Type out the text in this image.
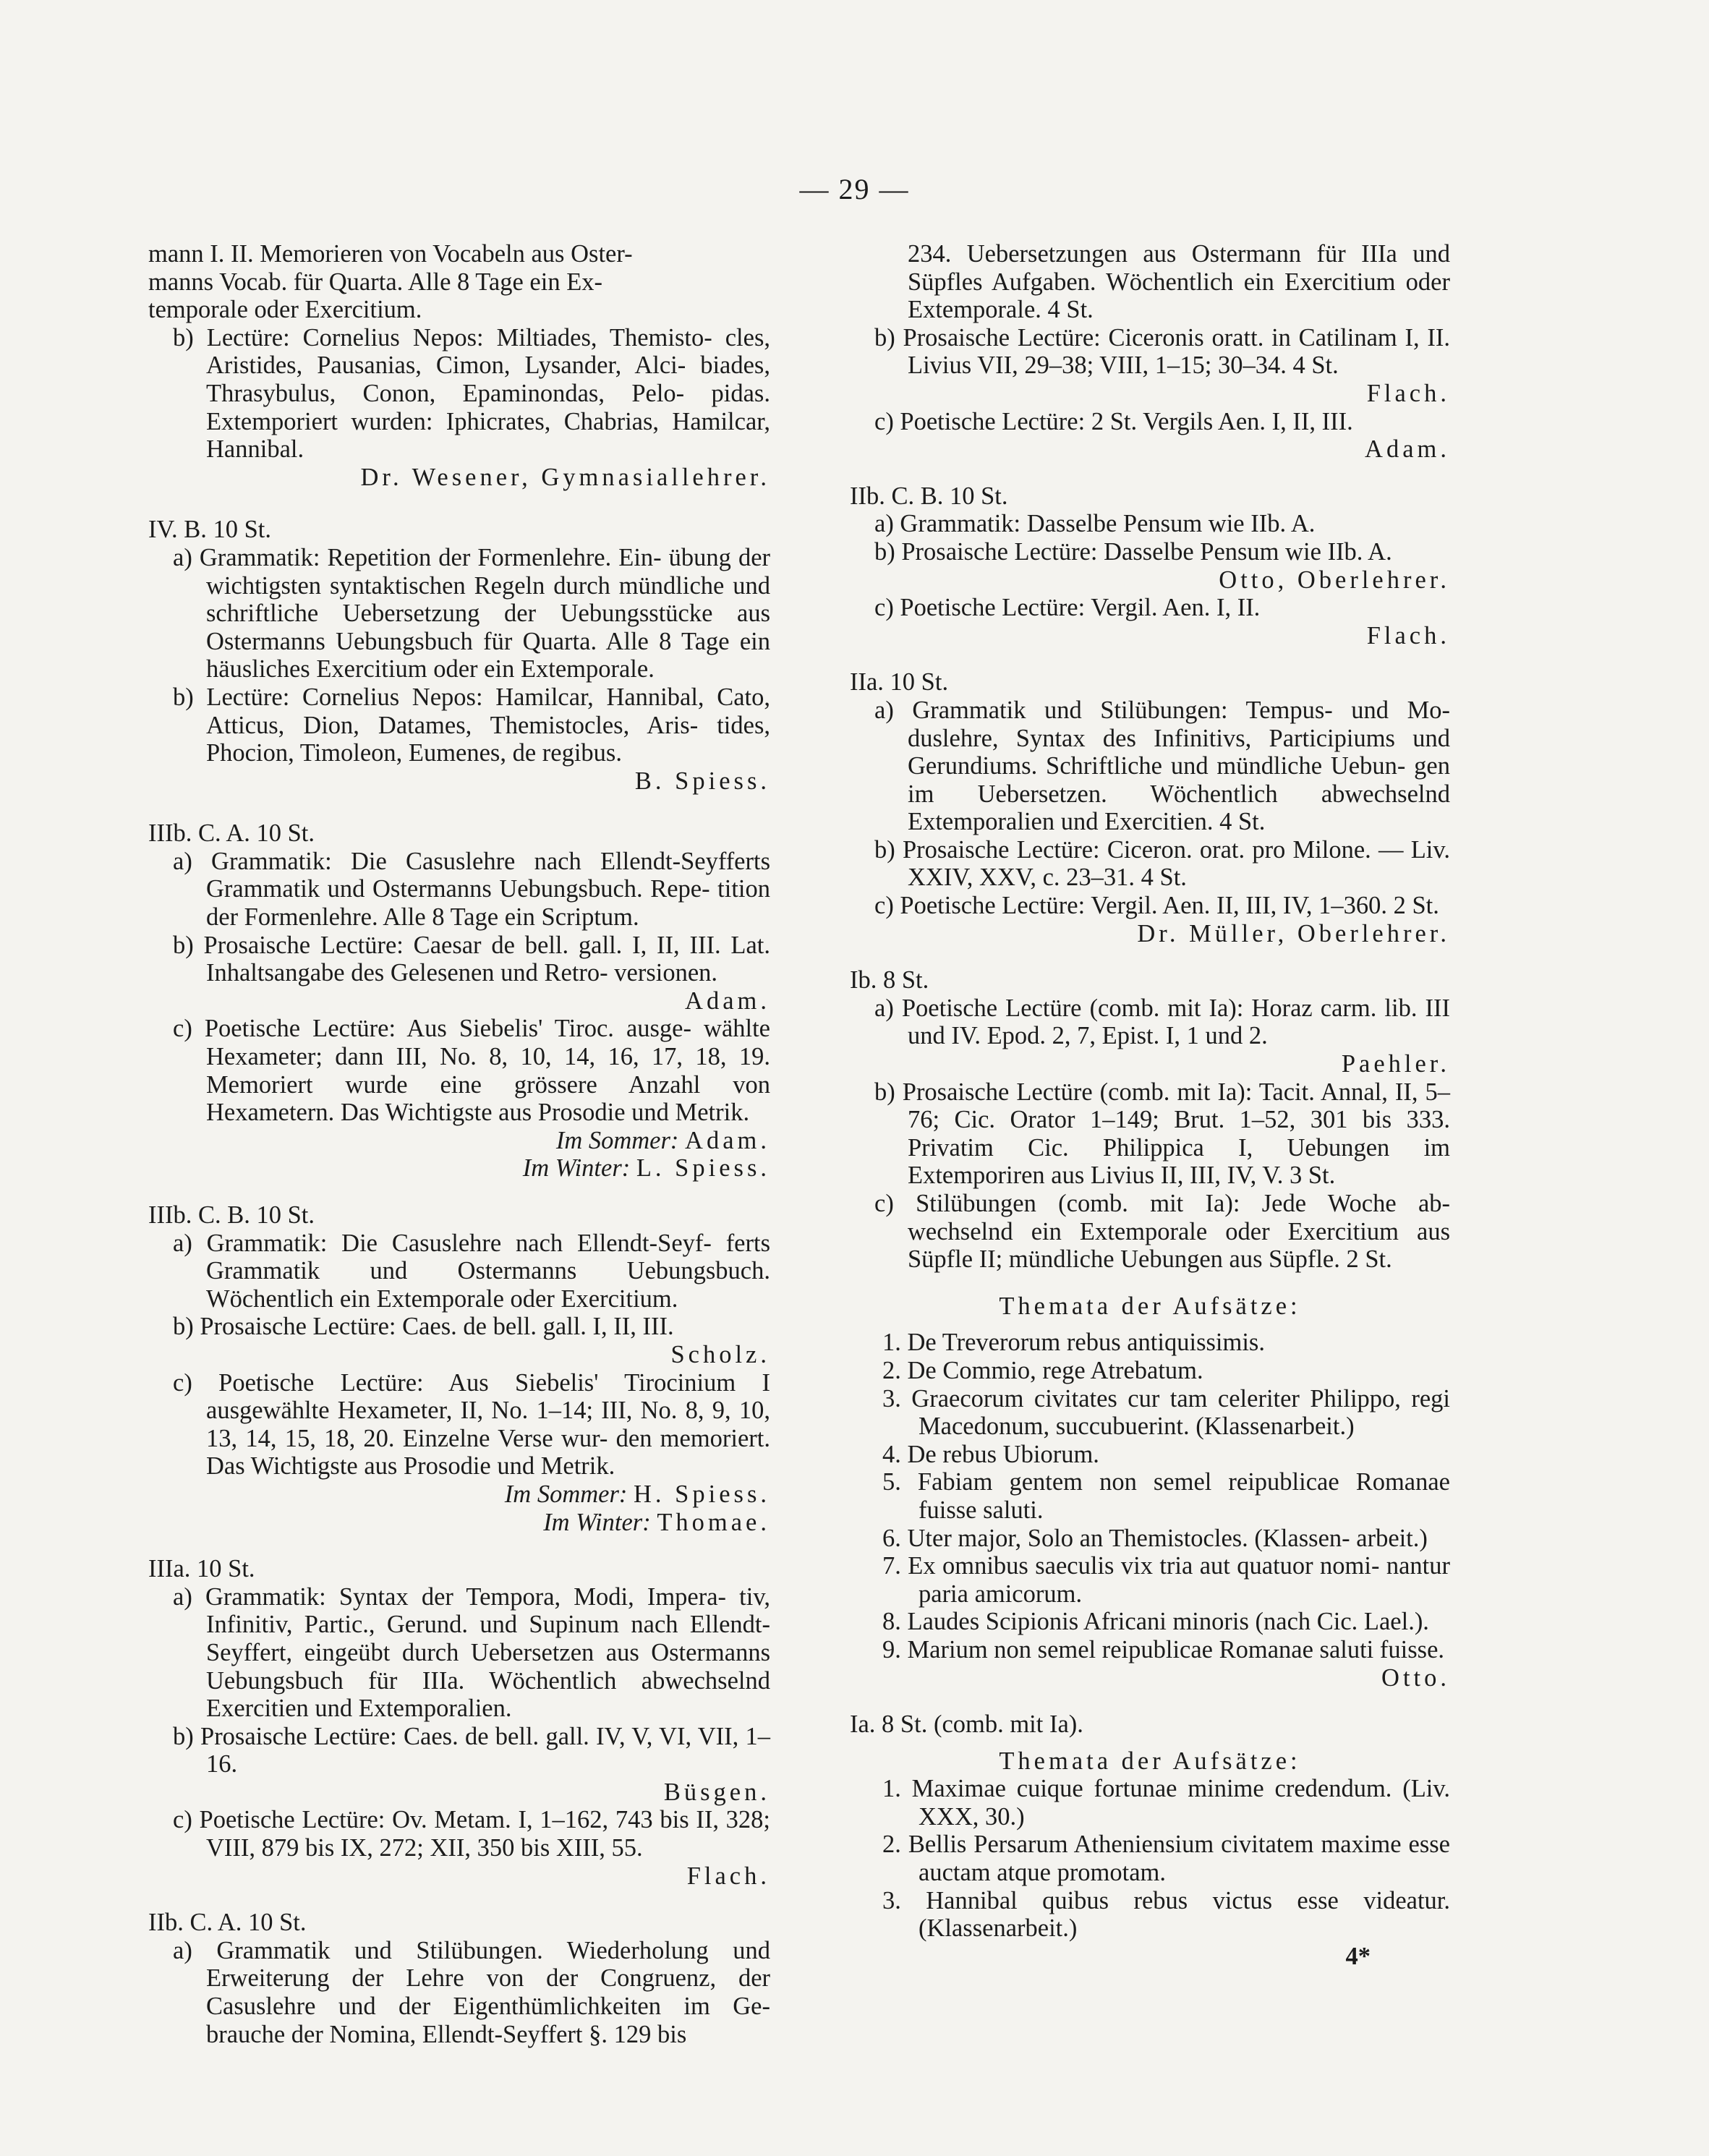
— 29 —
mann I. II. Memorieren von Vocabeln aus Oster-
manns Vocab. für Quarta. Alle 8 Tage ein Ex-
temporale oder Exercitium.
b) Lectüre: Cornelius Nepos: Miltiades, Themisto- cles, Aristides, Pausanias, Cimon, Lysander, Alci- biades, Thrasybulus, Conon, Epaminondas, Pelo- pidas. Extemporiert wurden: Iphicrates, Chabrias, Hamilcar, Hannibal.
Dr. Wesener, Gymnasiallehrer.
IV. B. 10 St.
a) Grammatik: Repetition der Formenlehre. Ein- übung der wichtigsten syntaktischen Regeln durch mündliche und schriftliche Uebersetzung der Uebungsstücke aus Ostermanns Uebungsbuch für Quarta. Alle 8 Tage ein häusliches Exercitium oder ein Extemporale.
b) Lectüre: Cornelius Nepos: Hamilcar, Hannibal, Cato, Atticus, Dion, Datames, Themistocles, Aris- tides, Phocion, Timoleon, Eumenes, de regibus.
B. Spiess.
IIIb. C. A. 10 St.
a) Grammatik: Die Casuslehre nach Ellendt-Seyfferts Grammatik und Ostermanns Uebungsbuch. Repe- tition der Formenlehre. Alle 8 Tage ein Scriptum.
b) Prosaische Lectüre: Caesar de bell. gall. I, II, III. Lat. Inhaltsangabe des Gelesenen und Retro- versionen.
Adam.
c) Poetische Lectüre: Aus Siebelis' Tiroc. ausge- wählte Hexameter; dann III, No. 8, 10, 14, 16, 17, 18, 19. Memoriert wurde eine grössere Anzahl von Hexametern. Das Wichtigste aus Prosodie und Metrik.
Im Sommer: Adam.
Im Winter: L. Spiess.
IIIb. C. B. 10 St.
a) Grammatik: Die Casuslehre nach Ellendt-Seyf- ferts Grammatik und Ostermanns Uebungsbuch. Wöchentlich ein Extemporale oder Exercitium.
b) Prosaische Lectüre: Caes. de bell. gall. I, II, III.
Scholz.
c) Poetische Lectüre: Aus Siebelis' Tirocinium I ausgewählte Hexameter, II, No. 1–14; III, No. 8, 9, 10, 13, 14, 15, 18, 20. Einzelne Verse wur- den memoriert. Das Wichtigste aus Prosodie und Metrik.
Im Sommer: H. Spiess.
Im Winter: Thomae.
IIIa. 10 St.
a) Grammatik: Syntax der Tempora, Modi, Impera- tiv, Infinitiv, Partic., Gerund. und Supinum nach Ellendt-Seyffert, eingeübt durch Uebersetzen aus Ostermanns Uebungsbuch für IIIa. Wöchentlich abwechselnd Exercitien und Extemporalien.
b) Prosaische Lectüre: Caes. de bell. gall. IV, V, VI, VII, 1–16.
Büsgen.
c) Poetische Lectüre: Ov. Metam. I, 1–162, 743 bis II, 328; VIII, 879 bis IX, 272; XII, 350 bis XIII, 55.
Flach.
IIb. C. A. 10 St.
a) Grammatik und Stilübungen. Wiederholung und Erweiterung der Lehre von der Congruenz, der Casuslehre und der Eigenthümlichkeiten im Ge- brauche der Nomina, Ellendt-Seyffert §. 129 bis
234. Uebersetzungen aus Ostermann für IIIa und Süpfles Aufgaben. Wöchentlich ein Exercitium oder Extemporale. 4 St.
b) Prosaische Lectüre: Ciceronis oratt. in Catilinam I, II. Livius VII, 29–38; VIII, 1–15; 30–34. 4 St.
Flach.
c) Poetische Lectüre: 2 St. Vergils Aen. I, II, III.
Adam.
IIb. C. B. 10 St.
a) Grammatik: Dasselbe Pensum wie IIb. A.
b) Prosaische Lectüre: Dasselbe Pensum wie IIb. A.
Otto, Oberlehrer.
c) Poetische Lectüre: Vergil. Aen. I, II.
Flach.
IIa. 10 St.
a) Grammatik und Stilübungen: Tempus- und Mo- duslehre, Syntax des Infinitivs, Participiums und Gerundiums. Schriftliche und mündliche Uebun- gen im Uebersetzen. Wöchentlich abwechselnd Extemporalien und Exercitien. 4 St.
b) Prosaische Lectüre: Ciceron. orat. pro Milone. — Liv. XXIV, XXV, c. 23–31. 4 St.
c) Poetische Lectüre: Vergil. Aen. II, III, IV, 1–360. 2 St.
Dr. Müller, Oberlehrer.
Ib. 8 St.
a) Poetische Lectüre (comb. mit Ia): Horaz carm. lib. III und IV. Epod. 2, 7, Epist. I, 1 und 2.
Paehler.
b) Prosaische Lectüre (comb. mit Ia): Tacit. Annal, II, 5–76; Cic. Orator 1–149; Brut. 1–52, 301 bis 333. Privatim Cic. Philippica I, Uebungen im Extemporiren aus Livius II, III, IV, V. 3 St.
c) Stilübungen (comb. mit Ia): Jede Woche ab- wechselnd ein Extemporale oder Exercitium aus Süpfle II; mündliche Uebungen aus Süpfle. 2 St.
Themata der Aufsätze:
1. De Treverorum rebus antiquissimis.
2. De Commio, rege Atrebatum.
3. Graecorum civitates cur tam celeriter Philippo, regi Macedonum, succubuerint. (Klassenarbeit.)
4. De rebus Ubiorum.
5. Fabiam gentem non semel reipublicae Romanae fuisse saluti.
6. Uter major, Solo an Themistocles. (Klassen- arbeit.)
7. Ex omnibus saeculis vix tria aut quatuor nomi- nantur paria amicorum.
8. Laudes Scipionis Africani minoris (nach Cic. Lael.).
9. Marium non semel reipublicae Romanae saluti fuisse.
Otto.
Ia. 8 St. (comb. mit Ia).
Themata der Aufsätze:
1. Maximae cuique fortunae minime credendum. (Liv. XXX, 30.)
2. Bellis Persarum Atheniensium civitatem maxime esse auctam atque promotam.
3. Hannibal quibus rebus victus esse videatur. (Klassenarbeit.)
4*
